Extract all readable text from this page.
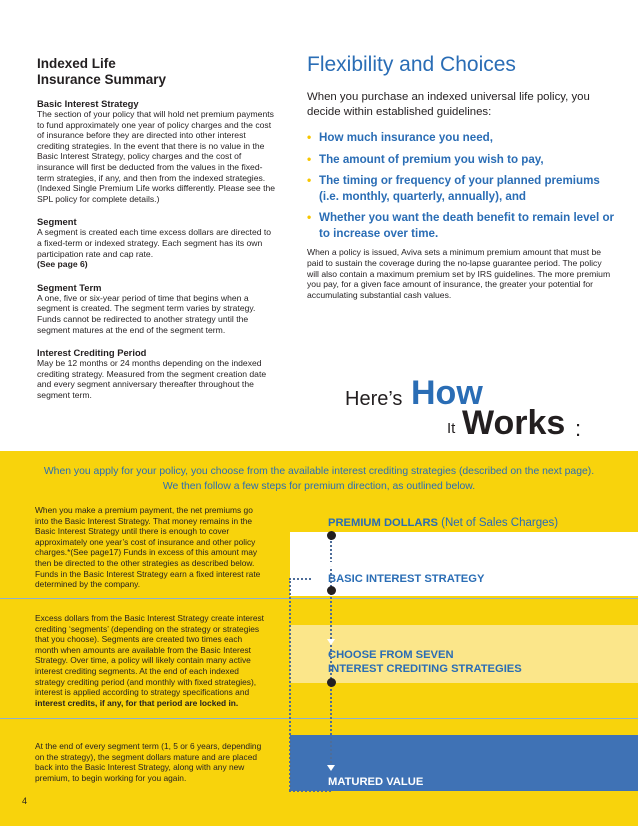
Indexed Life
Insurance Summary
Basic Interest Strategy

The section of your policy that will hold net premium payments to fund approximately one year of policy charges and the cost of insurance before they are directed into other interest crediting strategies. In the event that there is no value in the Basic Interest Strategy, policy charges and the cost of insurance will first be deducted from the values in the fixed-term strategies, if any, and then from the indexed strategies. (Indexed Single Premium Life works differently. Please see the SPL policy for complete details.)

Segment

A segment is created each time excess dollars are directed to a fixed-term or indexed strategy. Each segment has its own participation rate and cap rate.

(See page 6)

Segment Term

A one, five or six-year period of time that begins when a segment is created. The segment term varies by strategy. Funds cannot be redirected to another strategy until the segment matures at the end of the segment term.

Interest Crediting Period

May be 12 months or 24 months depending on the indexed crediting strategy. Measured from the segment creation date and every segment anniversary thereafter throughout the segment term.

Flexibility and Choices

When you purchase an indexed universal life policy, you decide within established guidelines:

• How much insurance you need,
• The amount of premium you wish to pay,
• The timing or frequency of your planned premiums (i.e. monthly, quarterly, annually), and
• Whether you want the death benefit to remain level or to increase over time.

When a policy is issued, Aviva sets a minimum premium amount that must be paid to sustain the coverage during the no-lapse guarantee period. The policy will also contain a maximum premium set by IRS guidelines. The more premium you pay, for a given face amount of insurance, the greater your potential for accumulating substantial cash values.

Here’s How
It Works :
When you apply for your policy, you choose from the available interest crediting strategies (described on the next page).
We then follow a few steps for premium direction, as outlined below.

When you make a premium payment, the net premiums go into the Basic Interest Strategy. That money remains in the Basic Interest Strategy until there is enough to cover approximately one year’s cost of insurance and other policy charges.*(See page17) Funds in excess of this amount may then be directed to the other strategies as described below. Funds in the Basic Interest Strategy earn a fixed interest rate determined by the company.

Excess dollars from the Basic Interest Strategy create interest crediting ‘segments’ (depending on the strategy or strategies that you choose). Segments are created two times each month when amounts are available from the Basic Interest Strategy. Over time, a policy will likely contain many active interest crediting segments. At the end of each indexed strategy crediting period (and monthly with fixed strategies), interest is applied according to strategy specifications and interest credits, if any, for that period are locked in.

At the end of every segment term (1, 5 or 6 years, depending on the strategy), the segment dollars mature and are placed back into the Basic Interest Strategy, along with any new premium, to begin working for you again.

PREMIUM DOLLARS (Net of Sales Charges)
BASIC INTEREST STRATEGY
CHOOSE FROM SEVEN
INTEREST CREDITING STRATEGIES
MATURED VALUE
4
